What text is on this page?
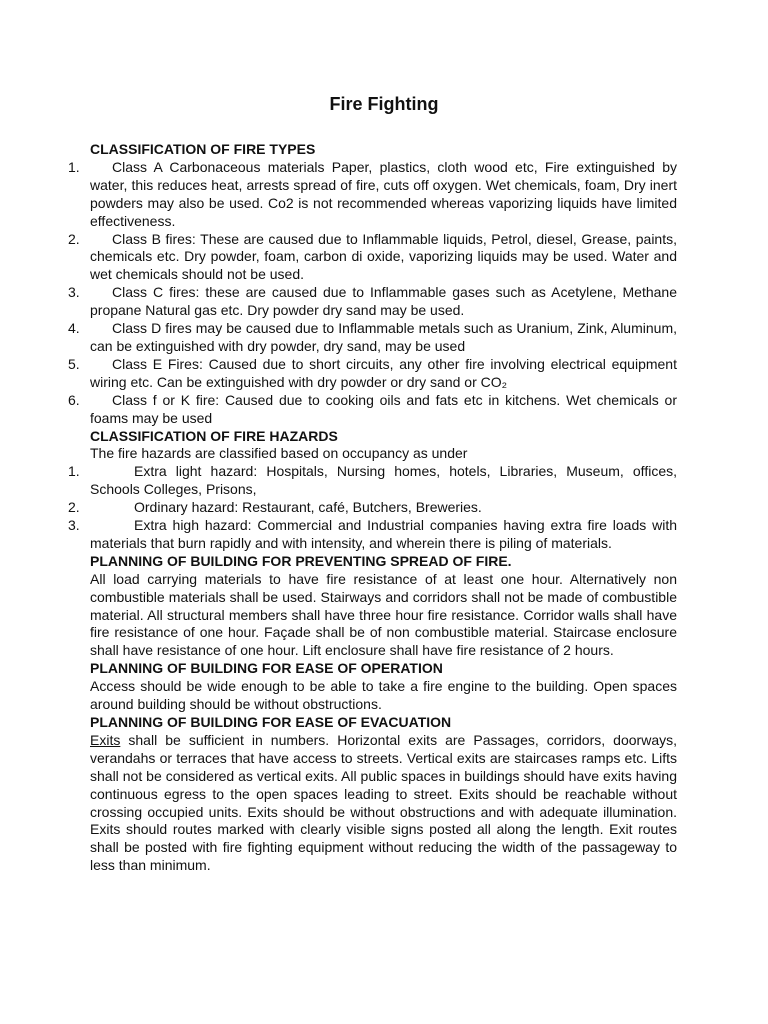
Fire Fighting
CLASSIFICATION OF FIRE TYPES
1. Class A Carbonaceous materials Paper, plastics, cloth wood etc, Fire extinguished by water, this reduces heat, arrests spread of fire, cuts off oxygen. Wet chemicals, foam, Dry inert powders may also be used. Co2 is not recommended whereas vaporizing liquids have limited effectiveness.
2. Class B fires: These are caused due to Inflammable liquids, Petrol, diesel, Grease, paints, chemicals etc. Dry powder, foam, carbon di oxide, vaporizing liquids may be used. Water and wet chemicals should not be used.
3. Class C fires: these are caused due to Inflammable gases such as Acetylene, Methane propane Natural gas etc. Dry powder dry sand may be used.
4. Class D fires may be caused due to Inflammable metals such as Uranium, Zink, Aluminum, can be extinguished with dry powder, dry sand, may be used
5. Class E Fires: Caused due to short circuits, any other fire involving electrical equipment wiring etc. Can be extinguished with dry powder or dry sand or CO₂
6. Class f or K fire: Caused due to cooking oils and fats etc in kitchens. Wet chemicals or foams may be used
CLASSIFICATION OF FIRE HAZARDS

The fire hazards are classified based on occupancy as under

1.	Extra light hazard: Hospitals, Nursing homes, hotels, Libraries, Museum, offices, Schools Colleges, Prisons,
2.	Ordinary hazard: Restaurant, café, Butchers, Breweries.
3.	Extra high hazard: Commercial and Industrial companies having extra fire loads with materials that burn rapidly and with intensity, and wherein there is piling of materials.
PLANNING OF BUILDING FOR PREVENTING SPREAD OF FIRE.

All load carrying materials to have fire resistance of at least one hour. Alternatively non combustible materials shall be used. Stairways and corridors shall not be made of combustible material. All structural members shall have three hour fire resistance. Corridor walls shall have fire resistance of one hour. Façade shall be of non combustible material. Staircase enclosure shall have resistance of one hour. Lift enclosure shall have fire resistance of 2 hours.

PLANNING OF BUILDING FOR EASE OF OPERATION

Access should be wide enough to be able to take a fire engine to the building. Open spaces around building should be without obstructions.

PLANNING OF BUILDING FOR EASE OF EVACUATION

Exits shall be sufficient in numbers. Horizontal exits are Passages, corridors, doorways, verandahs or terraces that have access to streets. Vertical exits are staircases ramps etc. Lifts shall not be considered as vertical exits. All public spaces in buildings should have exits having continuous egress to the open spaces leading to street. Exits should be reachable without crossing occupied units. Exits should be without obstructions and with adequate illumination. Exits should routes marked with clearly visible signs posted all along the length. Exit routes shall be posted with fire fighting equipment without reducing the width of the passageway to less than minimum.
